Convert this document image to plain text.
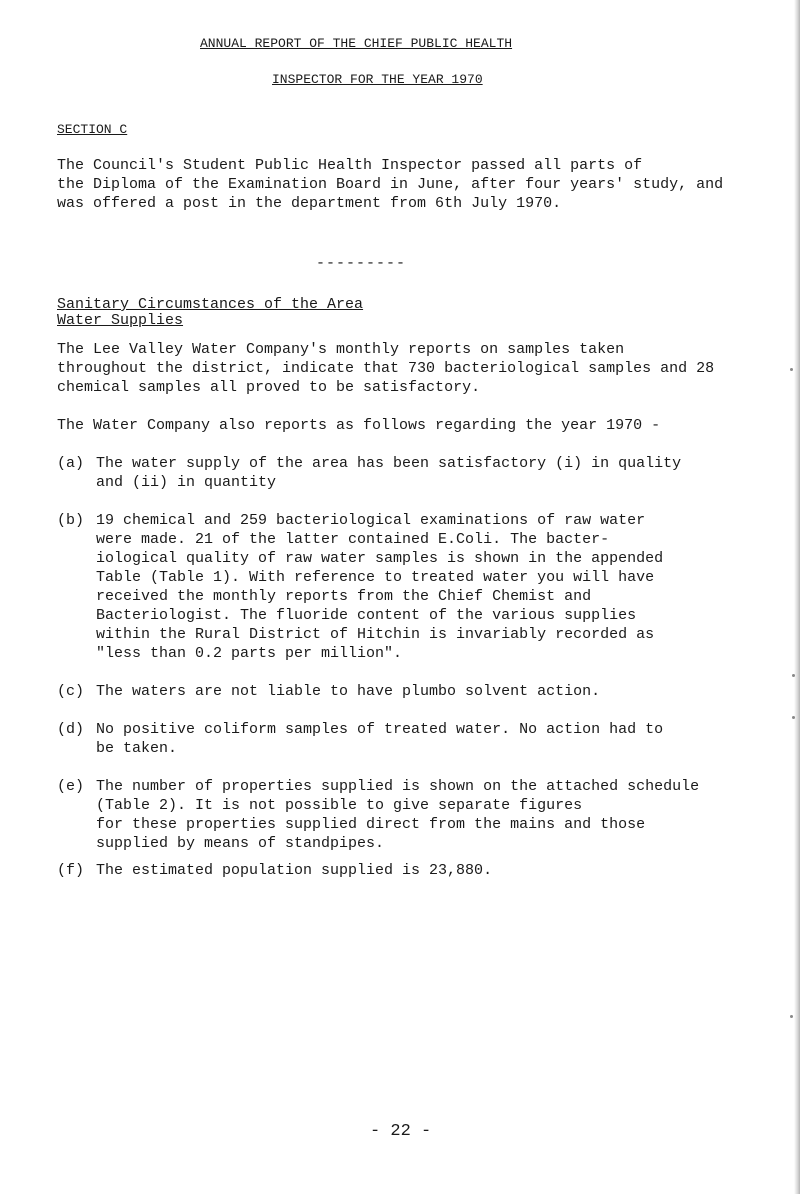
ANNUAL REPORT OF THE CHIEF PUBLIC HEALTH
INSPECTOR FOR THE YEAR 1970
SECTION C
The Council's Student Public Health Inspector passed all parts of
the Diploma of the Examination Board in June, after four years' study, and
was offered a post in the department from 6th July 1970.
---------
Sanitary Circumstances of the Area
Water Supplies
The Lee Valley Water Company's monthly reports on samples taken
throughout the district, indicate that 730 bacteriological samples and 28
chemical samples all proved to be satisfactory.
The Water Company also reports as follows regarding the year 1970 -
(a) The water supply of the area has been satisfactory (i) in quality
and (ii) in quantity
(b) 19 chemical and 259 bacteriological examinations of raw water
were made. 21 of the latter contained E.Coli. The bacter-
iological quality of raw water samples is shown in the appended
Table (Table 1). With reference to treated water you will have
received the monthly reports from the Chief Chemist and
Bacteriologist. The fluoride content of the various supplies
within the Rural District of Hitchin is invariably recorded as
"less than 0.2 parts per million".
(c) The waters are not liable to have plumbo solvent action.
(d) No positive coliform samples of treated water. No action had to
be taken.
(e) The number of properties supplied is shown on the attached schedule
(Table 2). It is not possible to give separate figures
for these properties supplied direct from the mains and those
supplied by means of standpipes.
(f) The estimated population supplied is 23,880.
- 22 -
